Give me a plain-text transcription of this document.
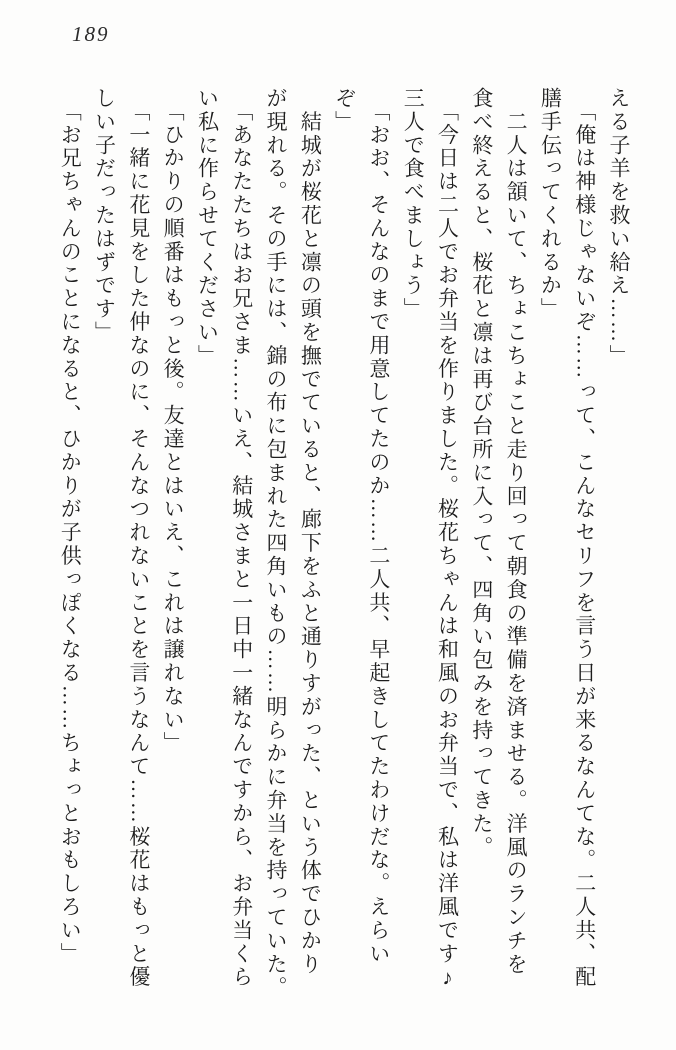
189
える子羊を救い給え……」
　「俺は神様じゃないぞ……って、こんなセリフを言う日が来るなんてな。二人共、配
膳手伝ってくれるか」
　二人は頷いて、ちょこちょこと走り回って朝食の準備を済ませる。洋風のランチを
食べ終えると、桜花と凛は再び台所に入って、四角い包みを持ってきた。
　「今日は二人でお弁当を作りました。桜花ちゃんは和風のお弁当で、私は洋風です♪
三人で食べましょう」
　「おお、そんなのまで用意してたのか……二人共、早起きしてたわけだな。えらい
ぞ」
　結城が桜花と凛の頭を撫でていると、廊下をふと通りすがった、という体でひかり
が現れる。その手には、錦の布に包まれた四角いもの……明らかに弁当を持っていた。
　「あなたたちはお兄さま……いえ、結城さまと一日中一緒なんですから、お弁当くら
い私に作らせてください」
　「ひかりの順番はもっと後。友達とはいえ、これは譲れない」
　「一緒に花見をした仲なのに、そんなつれないことを言うなんて……桜花はもっと優
しい子だったはずです」
　「お兄ちゃんのことになると、ひかりが子供っぽくなる……ちょっとおもしろい」
